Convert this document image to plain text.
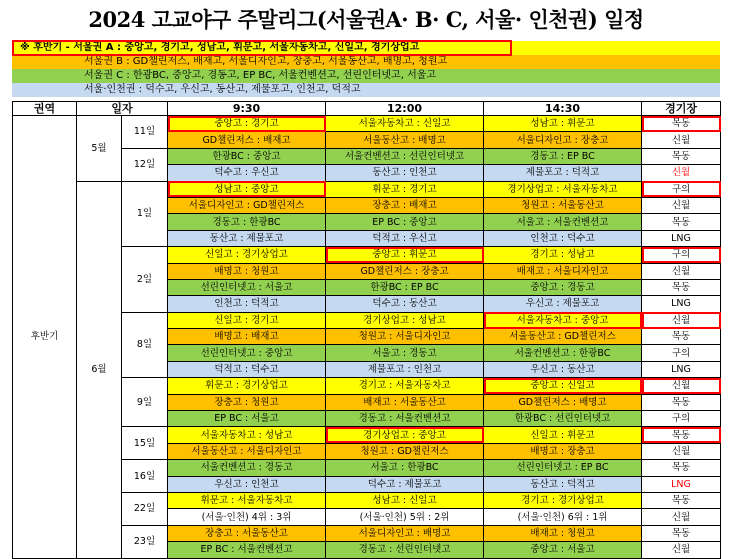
2024 고교야구 주말리그(서울권A· B· C, 서울· 인천권) 일정
※ 후반기 - 서울권 A : 중앙고, 경기고, 성남고, 휘문고, 서울자동차고, 신일고, 경기상업고
서울권 B : GD챌린저스, 배재고, 서울디자인고, 장충고, 서울동산고, 배명고, 청원고
서울권 C : 한광BC, 중앙고, 경동고, EP BC, 서울컨벤션고, 선린인터넷고, 서울고
서울·인천권 : 덕수고, 우신고, 동산고, 제물포고, 인천고, 덕적고
권역	일자		9:30	12:00	14:30	경기장
후반기	5월	11일	중앙고 : 경기고	서울자동차고 : 신일고	성남고 : 휘문고	목동
			GD챌린저스 : 배재고	서울동산고 : 배명고	서울디자인고 : 장충고	신월
		12일	한광BC : 중앙고	서울컨벤션고 : 선린인터넷고	경동고 : EP BC	목동
			덕수고 : 우신고	동산고 : 인천고	제물포고 : 덕적고	신월
	6월	1일	성남고 : 중앙고	휘문고 : 경기고	경기상업고 : 서울자동차고	구의
			서울디자인고 : GD챌린저스	장충고 : 배재고	청원고 : 서울동산고	신월
			경동고 : 한광BC	EP BC : 중앙고	서울고 : 서울컨벤션고	목동
			동산고 : 제물포고	덕적고 : 우신고	인천고 : 덕수고	LNG
		2일	신일고 : 경기상업고	중앙고 : 휘문고	경기고 : 성남고	구의
			배명고 : 청원고	GD챌린저스 : 장충고	배재고 : 서울디자인고	신월
			선린인터넷고 : 서울고	한광BC : EP BC	중앙고 : 경동고	목동
			인천고 : 덕적고	덕수고 : 동산고	우신고 : 제물포고	LNG
		8일	신일고 : 경기고	경기상업고 : 성남고	서울자동차고 : 중앙고	신월
			배명고 : 배재고	청원고 : 서울디자인고	서울동산고 : GD챌린저스	목동
			선린인터넷고 : 중앙고	서울고 : 경동고	서울컨벤션고 : 한광BC	구의
			덕적고 : 덕수고	제물포고 : 인천고	우신고 : 동산고	LNG
		9일	휘문고 : 경기상업고	경기고 : 서울자동차고	중앙고 : 신일고	신월
			장충고 : 청원고	배재고 : 서울동산고	GD챌린저스 : 배명고	목동
			EP BC : 서울고	경동고 : 서울컨벤션고	한광BC : 선린인터넷고	구의
		15일	서울자동차고 : 성남고	경기상업고 : 중앙고	신일고 : 휘문고	목동
			서울동산고 : 서울디자인고	청원고 : GD챌린저스	배명고 : 장충고	신월
		16일	서울컨벤션고 : 경동고	서울고 : 한광BC	선린인터넷고 : EP BC	목동
			우신고 : 인천고	덕수고 : 제물포고	동산고 : 덕적고	LNG
		22일	휘문고 : 서울자동차고	성남고 : 신일고	경기고 : 경기상업고	목동
			(서울·인천) 4위 : 3위	(서울·인천) 5위 : 2위	(서울·인천) 6위 : 1위	신월
		23일	장충고 : 서울동산고	서울디자인고 : 배명고	배재고 : 청원고	목동
			EP BC : 서울컨벤션고	경동고 : 선린인터넷고	중앙고 : 서울고	신월
